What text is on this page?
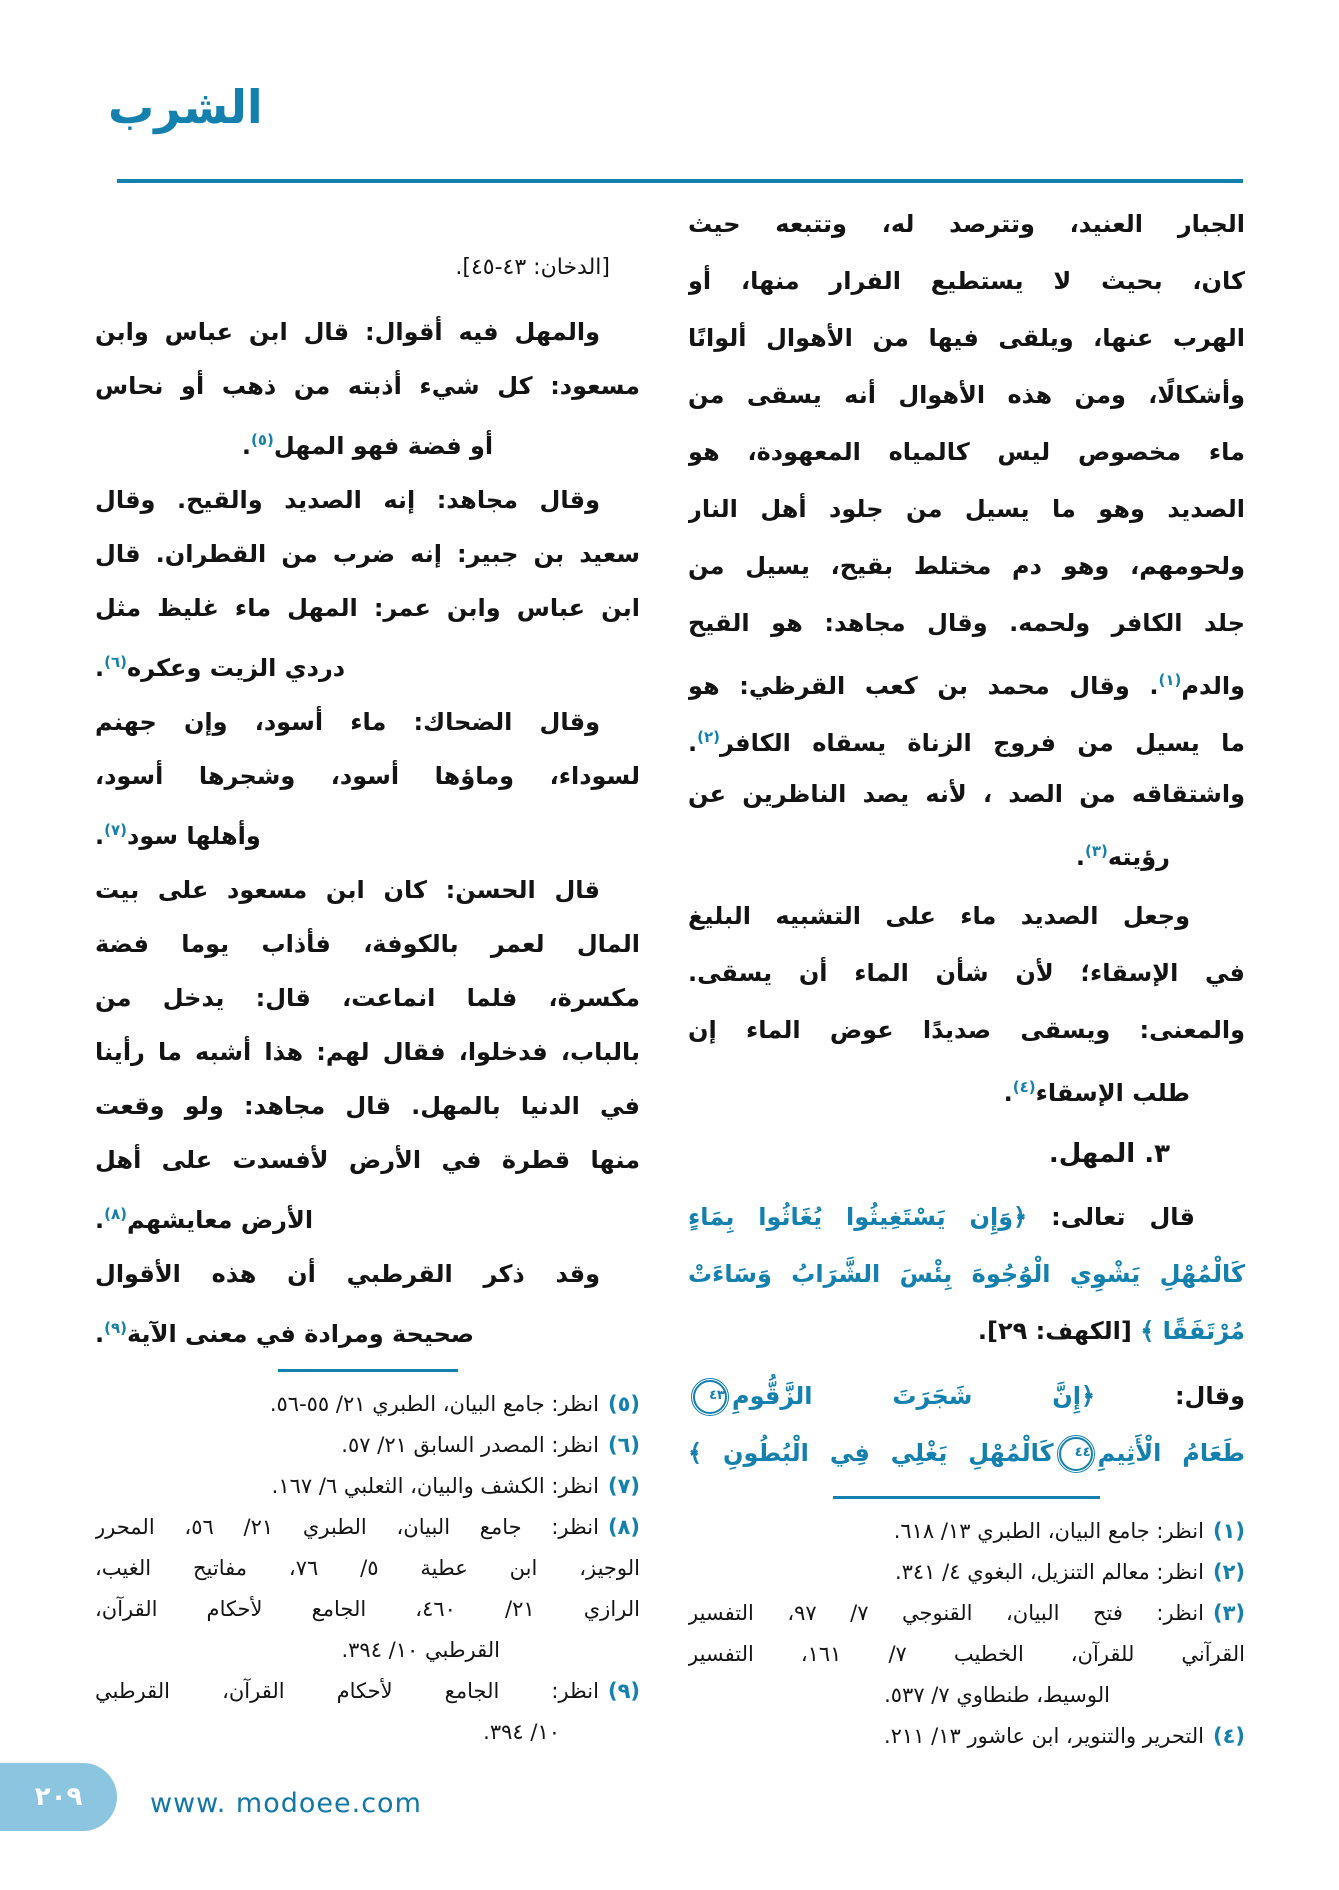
الشرب
الجبار العنيد، وتترصد له، وتتبعه حيث
كان، بحيث لا يستطيع الفرار منها، أو
الهرب عنها، ويلقى فيها من الأهوال ألوانًا
وأشكالًا، ومن هذه الأهوال أنه يسقى من
ماء مخصوص ليس كالمياه المعهودة، هو
الصديد وهو ما يسيل من جلود أهل النار
ولحومهم، وهو دم مختلط بقيح، يسيل من
جلد الكافر ولحمه. وقال مجاهد: هو القيح
والدم$^{(١)}$. وقال محمد بن كعب القرظي: هو
ما يسيل من فروج الزناة يسقاه الكافر$^{(٢)}$.
واشتقاقه من الصد ، لأنه يصد الناظرين عن
رؤيته$^{(٣)}$.
وجعل الصديد ماء على التشبيه البليغ
في الإسقاء؛ لأن شأن الماء أن يسقى.
والمعنى: ويسقى صديدًا عوض الماء إن
طلب الإسقاء$^{(٤)}$.
٣. المهل.
قال تعالى: ﴿وَإِن يَسْتَغِيثُوا يُغَاثُوا بِمَاءٍ
كَالْمُهْلِ يَشْوِي الْوُجُوهَ بِئْسَ الشَّرَابُ وَسَاءَتْ
مُرْتَفَقًا ﴾ [الكهف: ٢٩].
وقال: ﴿إِنَّ شَجَرَتَ الزَّقُّومِ٤٣
طَعَامُ الْأَثِيمِ٤٤كَالْمُهْلِ يَغْلِي فِي الْبُطُونِ ﴾
(١)انظر: جامع البيان، الطبري ١٣/ ٦١٨.
(٢)انظر: معالم التنزيل، البغوي ٤/ ٣٤١.
(٣)انظر: فتح البيان، القنوجي ٧/ ٩٧، التفسير
القرآني للقرآن، الخطيب ٧/ ١٦١، التفسير
الوسيط، طنطاوي ٧/ ٥٣٧.
(٤)التحرير والتنوير، ابن عاشور ١٣/ ٢١١.
[الدخان: ٤٣-٤٥].
والمهل فيه أقوال: قال ابن عباس وابن
مسعود: كل شيء أذبته من ذهب أو نحاس
أو فضة فهو المهل$^{(٥)}$.
وقال مجاهد: إنه الصديد والقيح. وقال
سعيد بن جبير: إنه ضرب من القطران. قال
ابن عباس وابن عمر: المهل ماء غليظ مثل
دردي الزيت وعكره$^{(٦)}$.
وقال الضحاك: ماء أسود، وإن جهنم
لسوداء، وماؤها أسود، وشجرها أسود،
وأهلها سود$^{(٧)}$.
قال الحسن: كان ابن مسعود على بيت
المال لعمر بالكوفة، فأذاب يوما فضة
مكسرة، فلما انماعت، قال: يدخل من
بالباب، فدخلوا، فقال لهم: هذا أشبه ما رأينا
في الدنيا بالمهل. قال مجاهد: ولو وقعت
منها قطرة في الأرض لأفسدت على أهل
الأرض معايشهم$^{(٨)}$.
وقد ذكر القرطبي أن هذه الأقوال
صحيحة ومرادة في معنى الآية$^{(٩)}$.
(٥)انظر: جامع البيان، الطبري ٢١/ ٥٥-٥٦.
(٦)انظر: المصدر السابق ٢١/ ٥٧.
(٧)انظر: الكشف والبيان، الثعلبي ٦/ ١٦٧.
(٨)انظر: جامع البيان، الطبري ٢١/ ٥٦، المحرر
الوجيز، ابن عطية ٥/ ٧٦، مفاتيح الغيب،
الرازي ٢١/ ٤٦٠، الجامع لأحكام القرآن،
القرطبي ١٠/ ٣٩٤.
(٩)انظر: الجامع لأحكام القرآن، القرطبي
١٠/ ٣٩٤.
٢٠٩	www. modoee.com
